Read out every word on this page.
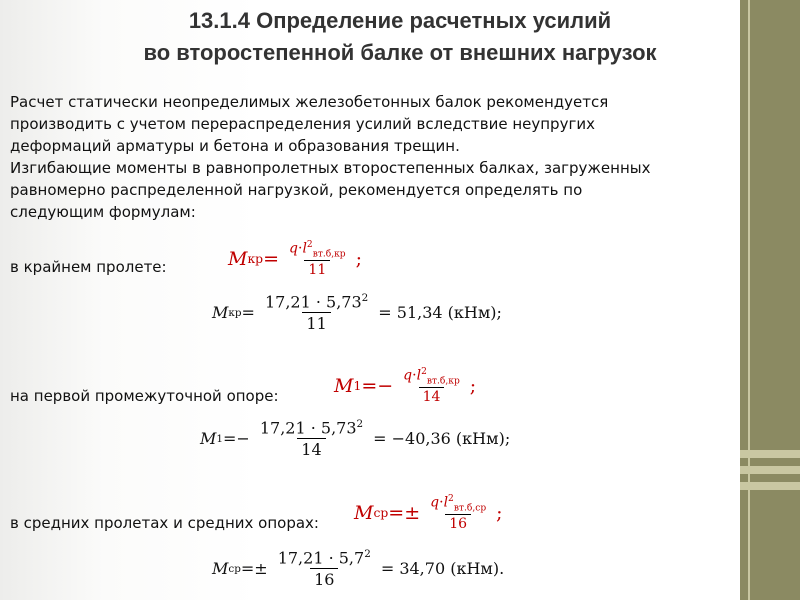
13.1.4 Определение расчетных усилий
во второстепенной балке от внешних нагрузок
Расчет статически неопределимых железобетонных балок рекомендуется
производить с учетом перераспределения усилий вследствие неупругих
деформаций арматуры и бетона и образования трещин.
Изгибающие моменты в равнопролетных второстепенных балках, загруженных
равномерно распределенной нагрузкой, рекомендуется определять по
следующим формулам:
в крайнем пролете:	M кр = $\frac{q\cdot l^2_{вт.б,кр}}{11}$ ;
M кр = $\frac{17,21 \cdot 5,73^2}{11} = 51,34$ (кНм);
на первой промежуточной опоре:	M 1 = − $\frac{q\cdot l^2_{вт.б,кр}}{14}$ ;
M 1 = − $\frac{17,21 \cdot 5,73^2}{14} = -40,36$ (кНм);
в средних пролетах и средних опорах: M ср = ± $\frac{q\cdot l^2_{вт.б,ср}}{16}$ ;
M ср = ± $\frac{17,21 \cdot 5,7^2}{16} = 34,70$ (кНм).
